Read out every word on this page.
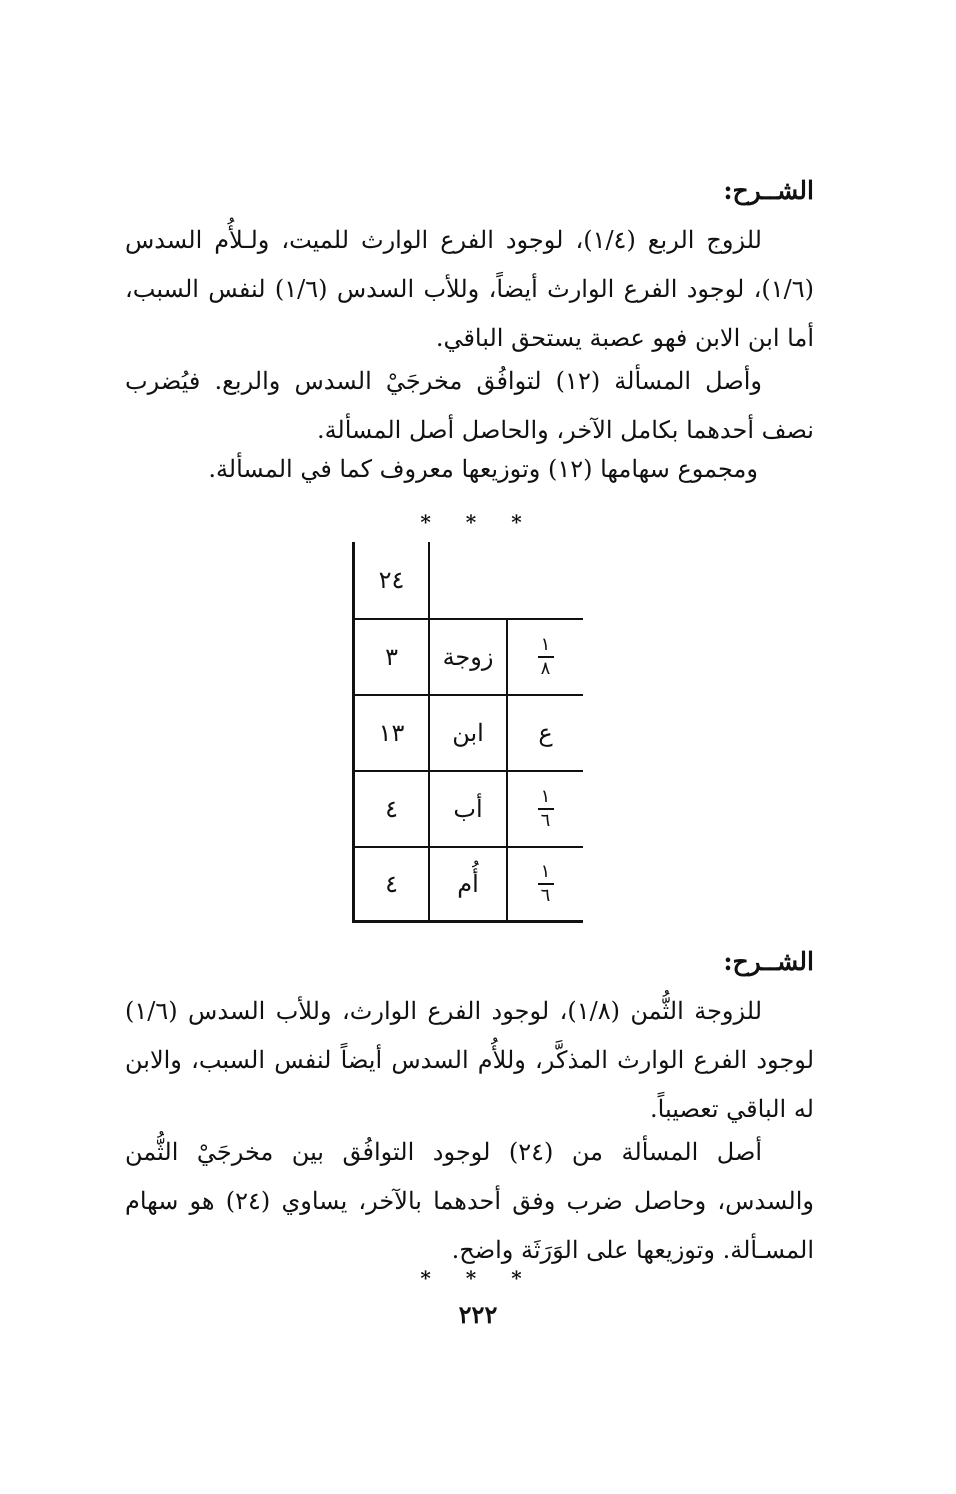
الشــرح:
للزوج الربع (١/٤)، لوجود الفرع الوارث للميت، ولـلأُم السدس (١/٦)، لوجود الفرع الوارث أيضاً، وللأب السدس (١/٦) لنفس السبب، أما ابن الابن فهو عصبة يستحق الباقي.
وأصل المسألة (١٢) لتوافُق مخرجَيْ السدس والربع. فيُضرب نصف أحدهما بكامل الآخر، والحاصل أصل المسألة.
ومجموع سهامها (١٢) وتوزيعها معروف كما في المسألة.
* * *
٢٤
٣	زوجة	$\frac{١}{٨}$
١٣	ابن	ع
٤	أب	$\frac{١}{٦}$
٤	أُم	$\frac{١}{٦}$
الشــرح:
للزوجة الثُّمن (١/٨)، لوجود الفرع الوارث، وللأب السدس (١/٦) لوجود الفرع الوارث المذكَّر، وللأُم السدس أيضاً لنفس السبب، والابن له الباقي تعصيباً.
أصل المسألة من (٢٤) لوجود التوافُق بين مخرجَيْ الثُّمن والسدس، وحاصل ضرب وفق أحدهما بالآخر، يساوي (٢٤) هو سهام المسـألة. وتوزيعها على الوَرَثَة واضح.
* * *
٢٢٢
